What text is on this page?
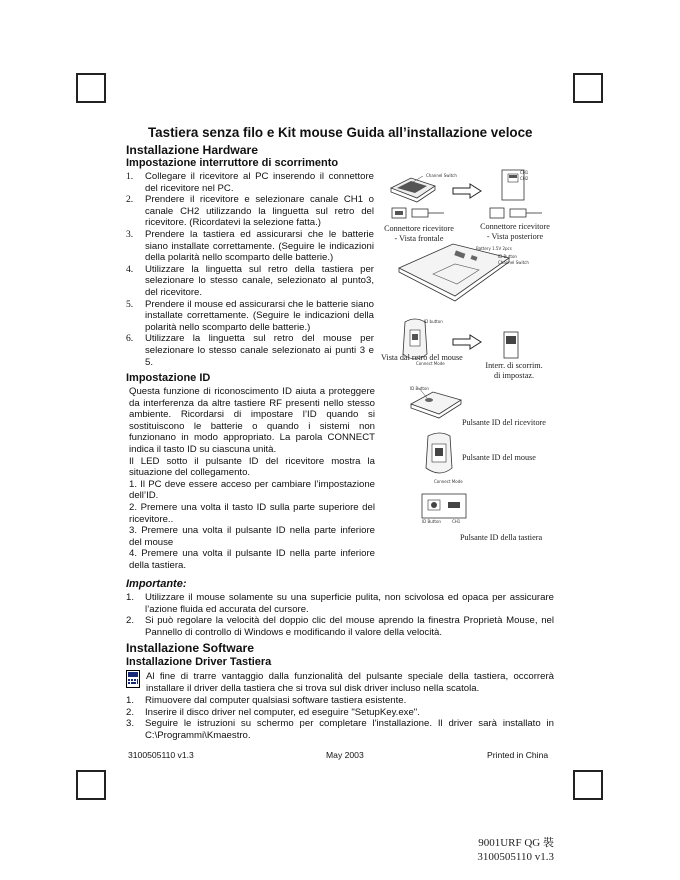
Tastiera senza filo e Kit mouse Guida all’installazione veloce
Installazione Hardware
Impostazione interruttore di scorrimento
1. Collegare il ricevitore al PC inserendo il connettore del ricevitore nel PC.
2. Prendere il ricevitore e selezionare canale CH1 o canale CH2 utilizzando la linguetta sul retro del ricevitore. (Ricordatevi la selezione fatta.)
3. Prendere la tastiera ed assicurarsi che le batterie siano installate correttamente. (Seguire le indicazioni della polarità nello scomparto delle batterie.)
4. Utilizzare la linguetta sul retro della tastiera per selezionare lo stesso canale, selezionato al punto3, del ricevitore.
5. Prendere il mouse ed assicurarsi che le batterie siano installate correttamente. (Seguire le indicazioni della polarità nello scomparto delle batterie.)
6. Utilizzare la linguetta sul retro del mouse per selezionare lo stesso canale selezionato ai punti 3 e 5.
Impostazione ID

Questa funzione di riconoscimento ID aiuta a proteggere da interferenza da altre tastiere RF presenti nello stesso ambiente. Ricordarsi di impostare l’ID quando si sostituiscono le batterie o quando i sistemi non funzionano in modo appropriato. La parola CONNECT indica il tasto ID su ciascuna unità.

Il LED sotto il pulsante ID del ricevitore mostra la situazione del collegamento.

1. Il PC deve essere acceso per cambiare l’impostazione dell’ID.

2. Premere una volta il tasto ID sulla parte superiore del ricevitore..

3. Premere una volta il pulsante ID nella parte inferiore del mouse

4. Premere una volta il pulsante ID nella parte inferiore della tastiera.

Importante:
1. Utilizzare il mouse solamente su una superficie pulita, non scivolosa ed opaca per assicurare l’azione fluida ed accurata del cursore.
2. Si può regolare la velocità del doppio clic del mouse aprendo la finestra Proprietà Mouse, nel Pannello di controllo di Windows e modificando il valore della velocità.
Installazione Software
Installazione Driver Tastiera
Al fine di trarre vantaggio dalla funzionalità del pulsante speciale della tastiera, occorrerà installare il driver della tastiera che si trova sul disk driver incluso nella scatola.
1. Rimuovere dal computer qualsiasi software tastiera esistente.
2. Inserire il disco driver nel computer, ed eseguire "SetupKey.exe".
3. Seguire le istruzioni su schermo per completare l'installazione. Il driver sarà installato in C:\Programmi\Kmaestro.
3100505110 v1.3	May 2003	Printed in China
9001URF QG 裝
3100505110 v1.3
Channel Switch
CH1
CH2
Connettore ricevitore
- Vista frontale
Connettore ricevitore
- Vista posteriore
Battery 1.5V 2pcs
ID Button
Channel Switch
ID button
Connect Mode
Vista dal retro del mouse
Interr. di scorrim.
di impostaz.
ID Button
Pulsante ID del ricevitore
Connect Mode
Pulsante ID del mouse
ID Button	CH1
Pulsante ID della tastiera
